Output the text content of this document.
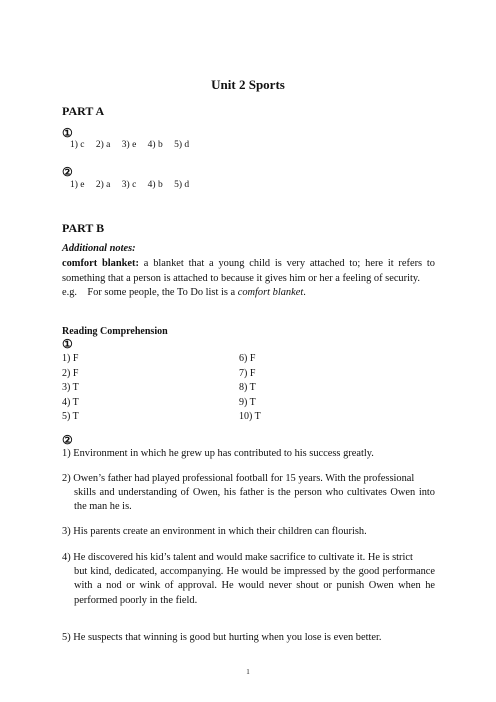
Unit 2 Sports
PART A
①
1) c 2) a 3) e 4) b 5) d
②
1) e 2) a 3) c 4) b 5) d
PART B
Additional notes:
comfort blanket: a blanket that a young child is very attached to; here it refers to something that a person is attached to because it gives him or her a feeling of security.
e.g.    For some people, the To Do list is a comfort blanket.
Reading Comprehension
①
1) F
2) F
3) T
4) T
5) T
6) F
7) F
8) T
9) T
10) T
②
1) Environment in which he grew up has contributed to his success greatly.
2) Owen’s father had played professional football for 15 years. With the professional
skills and understanding of Owen, his father is the person who cultivates Owen into the man he is.
3) His parents create an environment in which their children can flourish.
4) He discovered his kid’s talent and would make sacrifice to cultivate it. He is strict
but kind, dedicated, accompanying. He would be impressed by the good performance with a nod or wink of approval. He would never shout or punish Owen when he performed poorly in the field.
5) He suspects that winning is good but hurting when you lose is even better.
1
